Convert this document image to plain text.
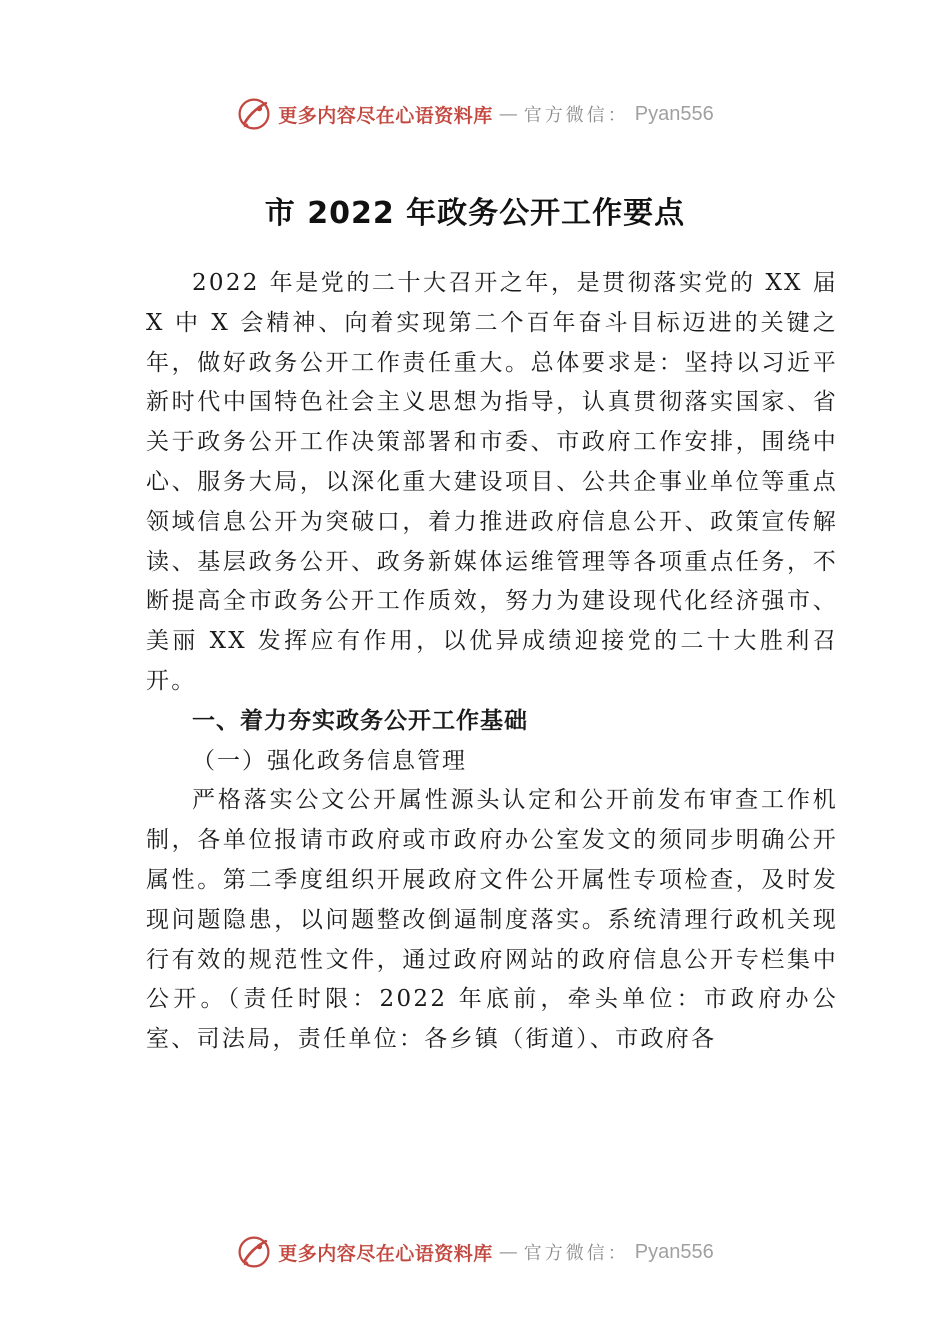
更多内容尽在心语资料库 — 官方微信： Pyan556
市 2022 年政务公开工作要点

2022 年是党的二十大召开之年，是贯彻落实党的 XX 届 X 中 X 会精神、向着实现第二个百年奋斗目标迈进的关键之年，做好政务公开工作责任重大。总体要求是：坚持以习近平新时代中国特色社会主义思想为指导，认真贯彻落实国家、省关于政务公开工作决策部署和市委、市政府工作安排，围绕中心、服务大局，以深化重大建设项目、公共企事业单位等重点领域信息公开为突破口，着力推进政府信息公开、政策宣传解读、基层政务公开、政务新媒体运维管理等各项重点任务，不断提高全市政务公开工作质效，努力为建设现代化经济强市、美丽 XX 发挥应有作用，以优异成绩迎接党的二十大胜利召开。

一、着力夯实政务公开工作基础

（一）强化政务信息管理

严格落实公文公开属性源头认定和公开前发布审查工作机制，各单位报请市政府或市政府办公室发文的须同步明确公开属性。第二季度组织开展政府文件公开属性专项检查，及时发现问题隐患，以问题整改倒逼制度落实。系统清理行政机关现行有效的规范性文件，通过政府网站的政府信息公开专栏集中公开。（责任时限：2022 年底前，牵头单位：市政府办公室、司法局，责任单位：各乡镇（街道）、市政府各

更多内容尽在心语资料库 — 官方微信： Pyan556
